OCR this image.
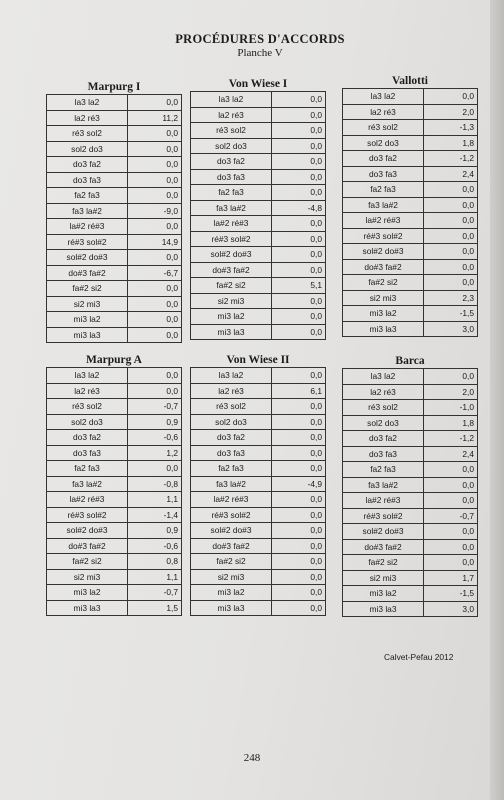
PROCÉDURES D'ACCORDS
Planche V
Marpurg I
la3 la2	0,0
la2 ré3	11,2
ré3 sol2	0,0
sol2 do3	0,0
do3 fa2	0,0
do3 fa3	0,0
fa2 fa3	0,0
fa3 la#2	-9,0
la#2 ré#3	0,0
ré#3 sol#2	14,9
sol#2 do#3	0,0
do#3 fa#2	-6,7
fa#2 si2	0,0
si2 mi3	0,0
mi3 la2	0,0
mi3 la3	0,0
Von Wiese I
la3 la2	0,0
la2 ré3	0,0
ré3 sol2	0,0
sol2 do3	0,0
do3 fa2	0,0
do3 fa3	0,0
fa2 fa3	0,0
fa3 la#2	-4,8
la#2 ré#3	0,0
ré#3 sol#2	0,0
sol#2 do#3	0,0
do#3 fa#2	0,0
fa#2 si2	5,1
si2 mi3	0,0
mi3 la2	0,0
mi3 la3	0,0
Vallotti
la3 la2	0,0
la2 ré3	2,0
ré3 sol2	-1,3
sol2 do3	1,8
do3 fa2	-1,2
do3 fa3	2,4
fa2 fa3	0,0
fa3 la#2	0,0
la#2 ré#3	0,0
ré#3 sol#2	0,0
sol#2 do#3	0,0
do#3 fa#2	0,0
fa#2 si2	0,0
si2 mi3	2,3
mi3 la2	-1,5
mi3 la3	3,0
Marpurg A
la3 la2	0,0
la2 ré3	0,0
ré3 sol2	-0,7
sol2 do3	0,9
do3 fa2	-0,6
do3 fa3	1,2
fa2 fa3	0,0
fa3 la#2	-0,8
la#2 ré#3	1,1
ré#3 sol#2	-1,4
sol#2 do#3	0,9
do#3 fa#2	-0,6
fa#2 si2	0,8
si2 mi3	1,1
mi3 la2	-0,7
mi3 la3	1,5
Von Wiese II
la3 la2	0,0
la2 ré3	6,1
ré3 sol2	0,0
sol2 do3	0,0
do3 fa2	0,0
do3 fa3	0,0
fa2 fa3	0,0
fa3 la#2	-4,9
la#2 ré#3	0,0
ré#3 sol#2	0,0
sol#2 do#3	0,0
do#3 fa#2	0,0
fa#2 si2	0,0
si2 mi3	0,0
mi3 la2	0,0
mi3 la3	0,0
Barca
la3 la2	0,0
la2 ré3	2,0
ré3 sol2	-1,0
sol2 do3	1,8
do3 fa2	-1,2
do3 fa3	2,4
fa2 fa3	0,0
fa3 la#2	0,0
la#2 ré#3	0,0
ré#3 sol#2	-0,7
sol#2 do#3	0,0
do#3 fa#2	0,0
fa#2 si2	0,0
si2 mi3	1,7
mi3 la2	-1,5
mi3 la3	3,0
Calvet-Pefau 2012
248
